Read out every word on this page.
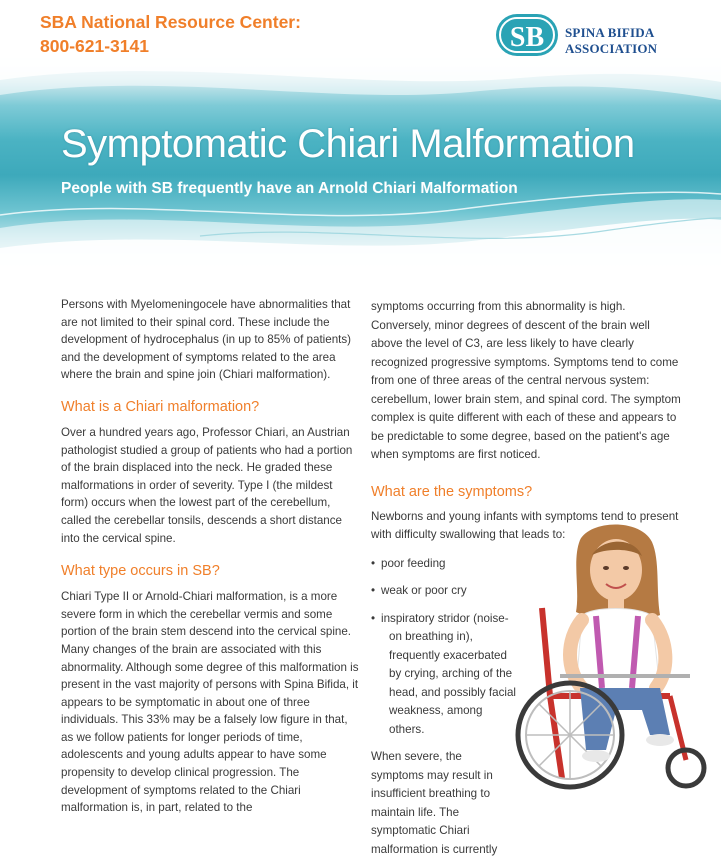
SBA National Resource Center:
800-621-3141	SB SPINA BIFIDA
ASSOCIATION
Symptomatic Chiari Malformation

People with SB frequently have an Arnold Chiari Malformation

Persons with Myelomeningocele have abnormalities that are not limited to their spinal cord. These include the development of hydrocephalus (in up to 85% of patients) and the development of symptoms related to the area where the brain and spine join (Chiari malformation).

What is a Chiari malformation?

Over a hundred years ago, Professor Chiari, an Austrian pathologist studied a group of patients who had a portion of the brain displaced into the neck. He graded these malformations in order of severity. Type I (the mildest form) occurs when the lowest part of the cerebellum, called the cerebellar tonsils, descends a short distance into the cervical spine.

What type occurs in SB?

Chiari Type II or Arnold-Chiari malformation, is a more severe form in which the cerebellar vermis and some portion of the brain stem descend into the cervical spine. Many changes of the brain are associated with this abnormality. Although some degree of this malformation is present in the vast majority of persons with Spina Bifida, it appears to be symptomatic in about one of three individuals. This 33% may be a falsely low figure in that, as we follow patients for longer periods of time, adolescents and young adults appear to have some propensity to develop clinical progression. The development of symptoms related to the Chiari malformation is, in part, related to the

symptoms occurring from this abnormality is high. Conversely, minor degrees of descent of the brain well above the level of C3, are less likely to have clearly recognized progressive symptoms. Symptoms tend to come from one of three areas of the central nervous system: cerebellum, lower brain stem, and spinal cord. The symptom complex is quite different with each of these and appears to be predictable to some degree, based on the patient's age when symptoms are first noticed.

What are the symptoms?

Newborns and young infants with symptoms tend to present with difficulty swallowing that leads to:

• poor feeding
• weak or poor cry
• inspiratory stridor (noise-
on breathing in), frequently exacerbated by crying, arching of the head, and possibly facial weakness, among others.

When severe, the symptoms may result in insufficient breathing to maintain life. The symptomatic Chiari malformation is currently
